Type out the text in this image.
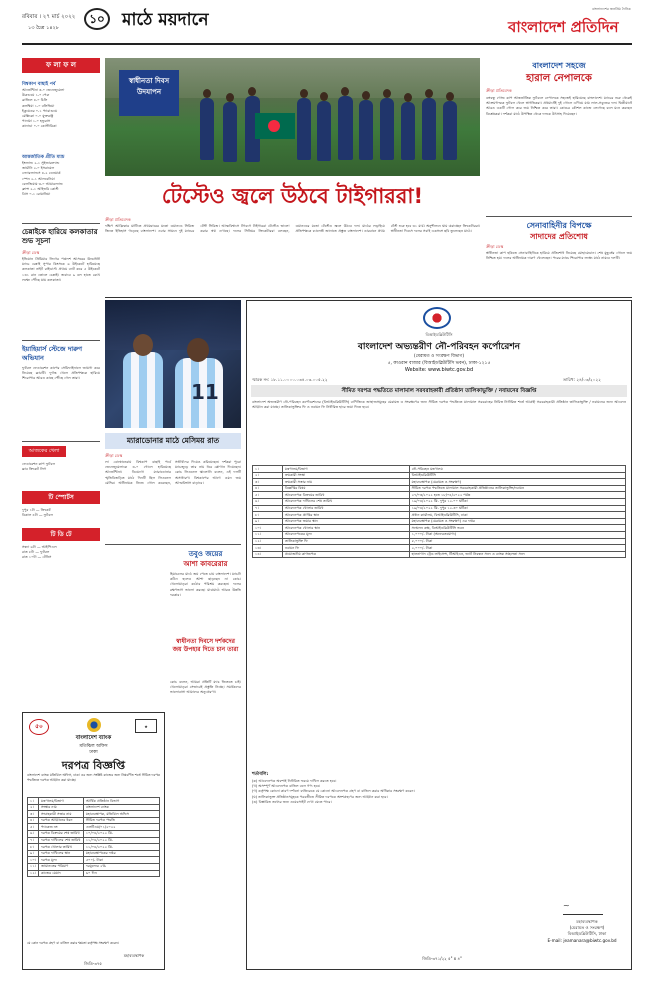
রবিবার । ২৭ মার্চ ২০২২
১৩ চৈত্র ১৪২৮
১০	মাঠে ময়দানে
বাংলাদেশের জনপ্রিয় দৈনিক
বাংলাদেশ প্রতিদিন
ফ লা ফ ল
বিশ্বকাপ বাছাই পর্ব
আর্জেন্টিনা ৩-০ ভেনেজুয়েলা
উরুগুয়ে ১-০ পেরু
ব্রাজিল ৪-০ চিলি
কলম্বিয়া ১-০ বলিভিয়া
ইকুয়েডর ০-১ প্যারাগুয়ে
মেক্সিকো ০-০ যুক্তরাষ্ট্র
পানামা ১-০ হন্ডুরাস
কানাডা ০-০ কোস্টারিকা
আন্তর্জাতিক প্রীতি ম্যাচ
ইংল্যান্ড ২-১ সুইজারল্যান্ড
জার্মানি ২-০ ইসরায়েল
নেদারল্যান্ডস ৪-২ ডেনমার্ক
স্পেন ২-১ আলবেনিয়া
বেলজিয়াম ৩-০ আয়ারল্যান্ড
ফ্রান্স ২-১ আইভরি কোস্ট
গ্রিস ০-১ রোমানিয়া
চেন্নাইকে হারিয়ে কলকাতার শুভ সূচনা
ক্রীড়া ডেস্ক
ইন্ডিয়ান প্রিমিয়ার লিগের পঞ্চদশ আসরের উদ্বোধনী ম্যাচে চেন্নাই সুপার কিংসকে ৬ উইকেটে হারিয়েছে কলকাতা নাইট রাইডার্স। প্রথমে ব্যাট করে ৫ উইকেটে ১৩১ রান তোলে চেন্নাই। জবাবে ৯ বল হাতে রেখে লক্ষ্যে পৌঁছে যায় কলকাতা।
ইয়াহিয়ার্স স্টেজে দারুণ অভিযান
ফুটবল ফেডারেশন কাপের সেমিফাইনালে জায়গা করে নিয়েছে ক্লাবটি। দুর্দান্ত খেলে প্রতিপক্ষকে হারিয়ে শিরোপার আরও কাছে পৌঁছে গেল তারা।
আজকের খেলা
ফেডারেশন কাপ ফুটবল
ক্লাব ক্রিকেট লিগ
টি স্পোর্টস
দুপুর ১টা — ক্রিকেট
বিকাল ৪টা — ফুটবল
টি ডি টে
সন্ধ্যা ৬টা — আইপিএল
রাত ৮টা — ফুটবল
রাত ১০টা — টেনিস
স্বাধীনতা দিবস উদযাপন
টেস্টেও জ্বলে উঠবে টাইগাররা!
ক্রীড়া প্রতিবেদক
দক্ষিণ আফ্রিকার মাটিতে প্রথমবারের মতো ওয়ানডে সিরিজ জিতে ইতিহাস গড়েছে বাংলাদেশ। এবার সামনে দুই ম্যাচের টেস্ট সিরিজ। আত্মবিশ্বাসে টগবগে টাইগাররা টেস্টেও ভালো করার স্বপ্ন দেখছে। দলের সিনিয়র ক্রিকেটাররা বলছেন, ওয়ানডের মতো টেস্টেও জ্বলে উঠবে দল। মাঠের লড়াইয়ে প্রতিপক্ষকে চ্যালেঞ্জ জানাতে প্রস্তুত বাংলাদেশ। ডারবানে প্রথম টেস্ট শুরু হবে ৩১ মার্চ। অনুশীলনে ঘাম ঝরাচ্ছেন ক্রিকেটাররা। স্বাধীনতা দিবসে দলের সবাই একসঙ্গে ছবি তুলেছেন মাঠে।
বাংলাদেশ সহজে
হারাল নেপালকে
ক্রীড়া প্রতিবেদক
বঙ্গবন্ধু গোল্ড কাপ আন্তর্জাতিক ফুটবলে নেপালকে সহজেই হারিয়েছে বাংলাদেশ। ম্যাচের শুরু থেকেই আক্রমণাত্মক ফুটবল খেলে স্বাগতিকরা। প্রথমার্ধেই দুই গোলে এগিয়ে যায় লাল-সবুজের দল। দ্বিতীয়ার্ধে আরও একটি গোল করে জয় নিশ্চিত করে তারা। কোচের কৌশল কাজে লেগেছে বলে মনে করছেন বিশ্লেষকরা। দর্শকরা মাঠে উপস্থিত থেকে দলকে উৎসাহ দিয়েছেন।
সেনাবাহিনীর বিপক্ষে
সাদাদের প্রতিশোধ
ক্রীড়া ডেস্ক
স্বাধীনতা কাপ হকিতে সেনাবাহিনীকে হারিয়ে প্রতিশোধ নিয়েছে মোহামেডান। শেষ মুহূর্তের গোলে জয় নিশ্চিত হয়। দলের অধিনায়ক দারুণ খেলেছেন। পরের ম্যাচে শিরোপার লক্ষ্যে মাঠে নামবে দলটি।
11
বিআইডব্লিউটিসি
বাংলাদেশ অভ্যন্তরীণ নৌ-পরিবহন কর্পোরেশন
(মেরামত ও সংরক্ষণ বিভাগ)
৫, কাওরান বাজার (বিআইডব্লিউটিসি ভবন), ঢাকা-১২১৫
Website: www.biwtc.gov.bd
স্মারক নং: ১৮.১১.০০০০.০৩৪.০৩.০০৫.২২	তারিখ: ২৪/০৩/২০২২
সীমিত দরপত্র পদ্ধতিতে মালামাল সরবরাহকারী প্রতিষ্ঠান তালিকাভুক্তি / নবায়নের বিজ্ঞপ্তি
বাংলাদেশ অভ্যন্তরীণ নৌ-পরিবহন কর্পোরেশনের (বিআইডব্লিউটিসি) বাণিজ্যিক জাহাজসমূহের মেরামত ও সংরক্ষণের জন্য সীমিত দরপত্র পদ্ধতিতে মালামাল সরবরাহের নিমিত্ত নির্ধারিত শর্তে আগ্রহী সরবরাহকারী প্রতিষ্ঠান তালিকাভুক্তি / নবায়নের জন্য আবেদন আহ্বান করা যাচ্ছে। তালিকাভুক্তির ফি ও নবায়ন ফি নির্ধারিত হারে জমা দিতে হবে।
১।	মন্ত্রণালয়/বিভাগ	নৌ-পরিবহন মন্ত্রণালয়
২।	ক্রয়কারী সংস্থা	বিআইডব্লিউটিসি
৩।	ক্রয়কারী সত্তার নাম	মহাব্যবস্থাপক (মেরামত ও সংরক্ষণ)
৪।	বিজ্ঞপ্তির বিষয়	সীমিত দরপত্র পদ্ধতিতে মালামাল সরবরাহকারী প্রতিষ্ঠানের তালিকাভুক্তি/নবায়ন
৫।	আবেদনপত্র বিক্রয়ের তারিখ	২৭/০৩/২০২২ হতে ১৮/০৪/২০২২ পর্যন্ত
৬।	আবেদনপত্র দাখিলের শেষ তারিখ	১৯/০৪/২০২২ খ্রি. দুপুর ১২.০০ ঘটিকা
৭।	আবেদনপত্র খোলার তারিখ	১৯/০৪/২০২২ খ্রি. দুপুর ১২.৩০ ঘটিকা
৮।	আবেদনপত্র প্রাপ্তির স্থান	প্রধান কার্যালয়, বিআইডব্লিউটিসি, ঢাকা
৯।	আবেদনপত্র জমার স্থান	মহাব্যবস্থাপক (মেরামত ও সংরক্ষণ) এর দপ্তর
১০।	আবেদনপত্র খোলার স্থান	সম্মেলন কক্ষ, বিআইডব্লিউটিসি ভবন
১১।	আবেদনপত্রের মূল্য	১,০০০/- টাকা (অফেরতযোগ্য)
১২।	তালিকাভুক্তি ফি	৫,০০০/- টাকা
১৩।	নবায়ন ফি	২,০০০/- টাকা
১৪।	প্রয়োজনীয় কাগজপত্র	হালনাগাদ ট্রেড লাইসেন্স, টিআইএন, ভ্যাট নিবন্ধন সনদ ও ব্যাংক সচ্ছলতা সনদ
শর্তাবলি:
(ক) আবেদনপত্র অবশ্যই নির্ধারিত ফরমে দাখিল করতে হবে।
(খ) অসম্পূর্ণ আবেদনপত্র বাতিল বলে গণ্য হবে।
(গ) কর্তৃপক্ষ কোনো কারণ দর্শানো ব্যতিরেকে যে কোনো আবেদনপত্র গ্রহণ বা বাতিল করার অধিকার সংরক্ষণ করেন।
(ঘ) তালিকাভুক্ত প্রতিষ্ঠানসমূহকে পরবর্তীতে সীমিত দরপত্রে অংশগ্রহণের জন্য আহ্বান করা হবে।
(ঙ) বিস্তারিত তথ্যের জন্য ওয়েবসাইট দেখা যেতে পারে।
~
মহাব্যবস্থাপক
(মেরামত ও সংরক্ষণ)
বিআইডব্লিউটিসি, ঢাকা
E-mail: jeamanara@biwtc.gov.bd
জিডি-৩৭১/২২ ৫" x ৪"
ম্যারাডোনার মাঠে মেসিময় রাত
ক্রীড়া ডেস্ক
লা বোম্বোনেরায় বিশ্বকাপ বাছাই পর্বে ভেনেজুয়েলাকে ৩-০ গোলে হারিয়েছে আর্জেন্টিনা। ডিয়েগো ম্যারাডোনার স্মৃতিবিজড়িত মাঠে দিনটি ছিল লিওনেল মেসির। অধিনায়ক নিজে গোল করেছেন, সতীর্থদের দিয়েও করিয়েছেন। দর্শকরা পুরো ম্যাচজুড়ে তার নাম ধরে স্লোগান দিয়েছেন। কোচ লিওনেল স্কালোনি বলেন, এই দলটি অসাধারণ। বিশ্বকাপের আগে এমন জয় আত্মবিশ্বাস বাড়াবে।
তবুও জয়ের
আশা কাবরেরার
হিমাচলের মাঠে জয় পেতে চায় বাংলাদেশ। ম্যাচটা কঠিন হলেও আশা ছাড়ছেন না কোচ। খেলোয়াড়রা কঠোর পরিশ্রম করছেন। দলের রক্ষণভাগ ভালো করছে। মাঝমাঠে আরও উন্নতি দরকার।
স্বাধীনতা দিবসে দর্শকদের জয় উপহার দিতে চান তারা
কোচ বলেন, আমরা প্রতিটি ম্যাচ জিততে চাই। খেলোয়াড়রা সেভাবেই প্রস্তুতি নিচ্ছে। সমর্থকদের ভালোবাসা আমাদের অনুপ্রেরণা।
৫০	★
বাংলাদেশ ব্যাংক
মতিঝিল অফিস
ঢাকা
দরপত্র বিজ্ঞপ্তি
বাংলাদেশ ব্যাংক মতিঝিল অফিস, ঢাকা এর জন্য সংশ্লিষ্ট কাজের জন্য নিম্নবর্ণিত শর্তে সীমিত দরপত্র পদ্ধতিতে দরপত্র আহ্বান করা যাচ্ছে।
১।	মন্ত্রণালয়/বিভাগ	আর্থিক প্রতিষ্ঠান বিভাগ
২।	সংস্থার নাম	বাংলাদেশ ব্যাংক
৩।	সংগ্রহকারী সত্তার নাম	মহাব্যবস্থাপক, মতিঝিল অফিস
৪।	দরপত্র আহ্বানের ধরন	সীমিত দরপত্র পদ্ধতি
৫।	প্যাকেজ নং	এলটিএম/০১/২০২২
৬।	দরপত্র বিক্রয়ের শেষ তারিখ	১০/০৪/২০২২ খ্রি.
৭।	দরপত্র দাখিলের শেষ তারিখ	১১/০৪/২০২২ খ্রি.
৮।	দরপত্র খোলার তারিখ	১১/০৪/২০২২ খ্রি.
৯।	দরপত্র দাখিলের স্থান	মহাব্যবস্থাপকের দপ্তর
১০।	দরপত্র মূল্য	৫০০/- টাকা
১১।	জামানতের পরিমাণ	দরমূল্যের ২%
১২।	কাজের মেয়াদ	৬০ দিন
যে কোন দরপত্র গ্রহণ বা বাতিল করার ক্ষমতা কর্তৃপক্ষ সংরক্ষণ করেন।
মহাব্যবস্থাপক
জিডি-৩৭৫
